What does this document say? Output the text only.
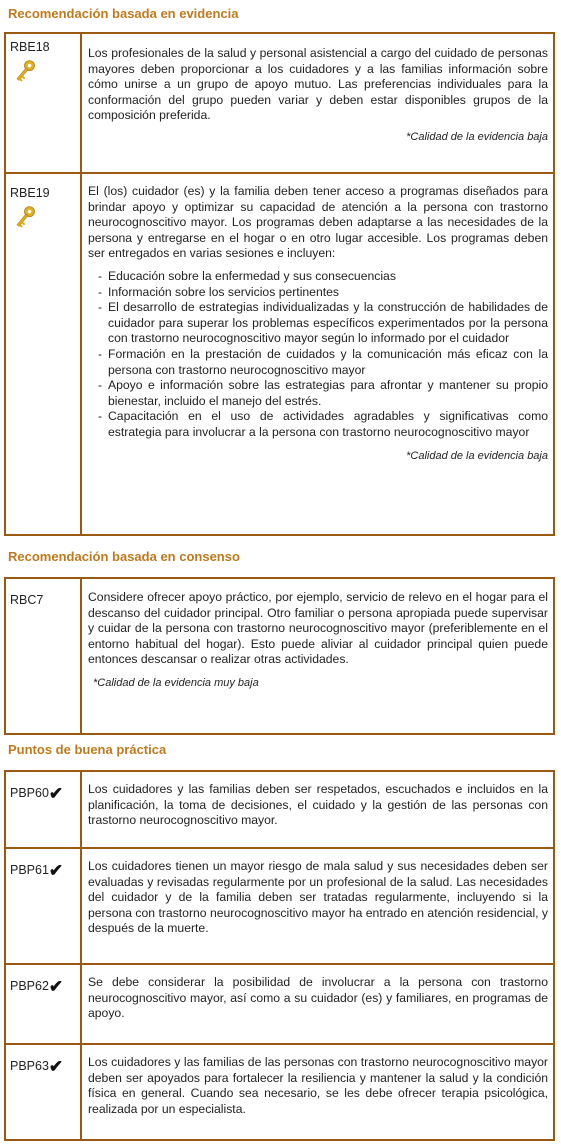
Recomendación basada en evidencia
RBE18	Los profesionales de la salud y personal asistencial a cargo del cuidado de personas mayores deben proporcionar a los cuidadores y a las familias información sobre cómo unirse a un grupo de apoyo mutuo. Las preferencias individuales para la conformación del grupo pueden variar y deben estar disponibles grupos de la composición preferida.

*Calidad de la evidencia baja

RBE19	El (los) cuidador (es) y la familia deben tener acceso a programas diseñados para brindar apoyo y optimizar su capacidad de atención a la persona con trastorno neurocognoscitivo mayor. Los programas deben adaptarse a las necesidades de la persona y entregarse en el hogar o en otro lugar accesible. Los programas deben ser entregados en varias sesiones e incluyen:

- Educación sobre la enfermedad y sus consecuencias
- Información sobre los servicios pertinentes
- El desarrollo de estrategias individualizadas y la construcción de habilidades de cuidador para superar los problemas específicos experimentados por la persona con trastorno neurocognoscitivo mayor según lo informado por el cuidador
- Formación en la prestación de cuidados y la comunicación más eficaz con la persona con trastorno neurocognoscitivo mayor
- Apoyo e información sobre las estrategias para afrontar y mantener su propio bienestar, incluido el manejo del estrés.
- Capacitación en el uso de actividades agradables y significativas como estrategia para involucrar a la persona con trastorno neurocognoscitivo mayor

*Calidad de la evidencia baja

Recomendación basada en consenso
RBC7	Considere ofrecer apoyo práctico, por ejemplo, servicio de relevo en el hogar para el descanso del cuidador principal. Otro familiar o persona apropiada puede supervisar y cuidar de la persona con trastorno neurocognoscitivo mayor (preferiblemente en el entorno habitual del hogar). Esto puede aliviar al cuidador principal quien puede entonces descansar o realizar otras actividades.

*Calidad de la evidencia muy baja

Puntos de buena práctica
PBP60✔	Los cuidadores y las familias deben ser respetados, escuchados e incluidos en la planificación, la toma de decisiones, el cuidado y la gestión de las personas con trastorno neurocognoscitivo mayor.

PBP61✔	Los cuidadores tienen un mayor riesgo de mala salud y sus necesidades deben ser evaluadas y revisadas regularmente por un profesional de la salud. Las necesidades del cuidador y de la familia deben ser tratadas regularmente, incluyendo si la persona con trastorno neurocognoscitivo mayor ha entrado en atención residencial, y después de la muerte.

PBP62✔	Se debe considerar la posibilidad de involucrar a la persona con trastorno neurocognoscitivo mayor, así como a su cuidador (es) y familiares, en programas de apoyo.

PBP63✔	Los cuidadores y las familias de las personas con trastorno neurocognoscitivo mayor deben ser apoyados para fortalecer la resiliencia y mantener la salud y la condición física en general. Cuando sea necesario, se les debe ofrecer terapia psicológica, realizada por un especialista.
